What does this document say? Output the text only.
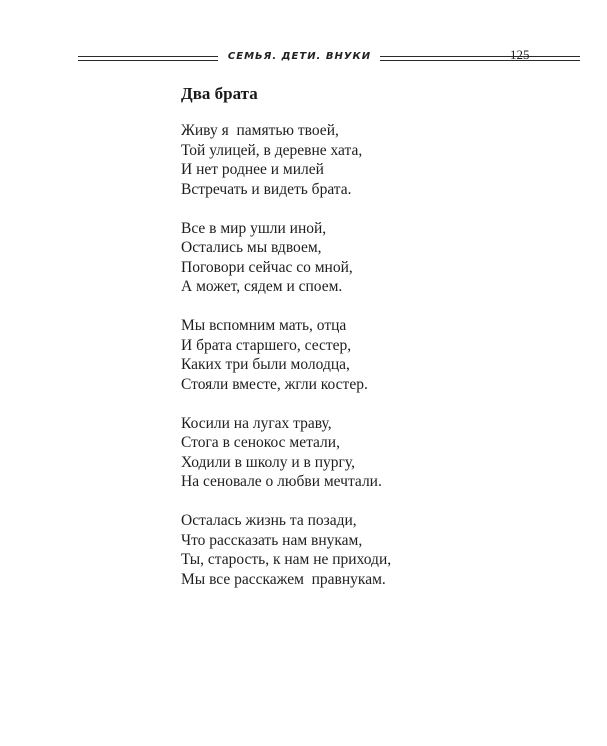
СЕМЬЯ. ДЕТИ. ВНУКИ	125
Два брата
Живу я  памятью твоей,
Той улицей, в деревне хата,
И нет роднее и милей
Встречать и видеть брата.
Все в мир ушли иной,
Остались мы вдвоем,
Поговори сейчас со мной,
А может, сядем и споем.
Мы вспомним мать, отца
И брата старшего, сестер,
Каких три были молодца,
Стояли вместе, жгли костер.
Косили на лугах траву,
Стога в сенокос метали,
Ходили в школу и в пургу,
На сеновале о любви мечтали.
Осталась жизнь та позади,
Что рассказать нам внукам,
Ты, старость, к нам не приходи,
Мы все расскажем  правнукам.
